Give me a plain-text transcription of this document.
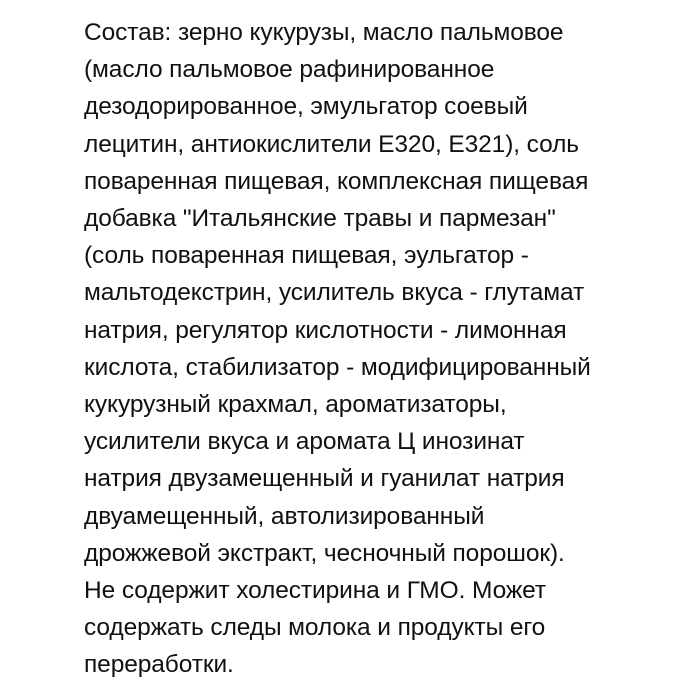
Состав: зерно кукурузы, масло пальмовое
(масло пальмовое рафинированное
дезодорированное, эмульгатор соевый
лецитин, антиокислители Е320, Е321), соль
поваренная пищевая, комплексная пищевая
добавка "Итальянские травы и пармезан"
(соль поваренная пищевая, эульгатор -
мальтодекстрин, усилитель вкуса - глутамат
натрия, регулятор кислотности - лимонная
кислота, стабилизатор - модифицированный
кукурузный крахмал, ароматизаторы,
усилители вкуса и аромата Ц инозинат
натрия двузамещенный и гуанилат натрия
двуамещенный, автолизированный
дрожжевой экстракт, чесночный порошок).
Не содержит холестирина и ГМО. Может
содержать следы молока и продукты его
переработки.
